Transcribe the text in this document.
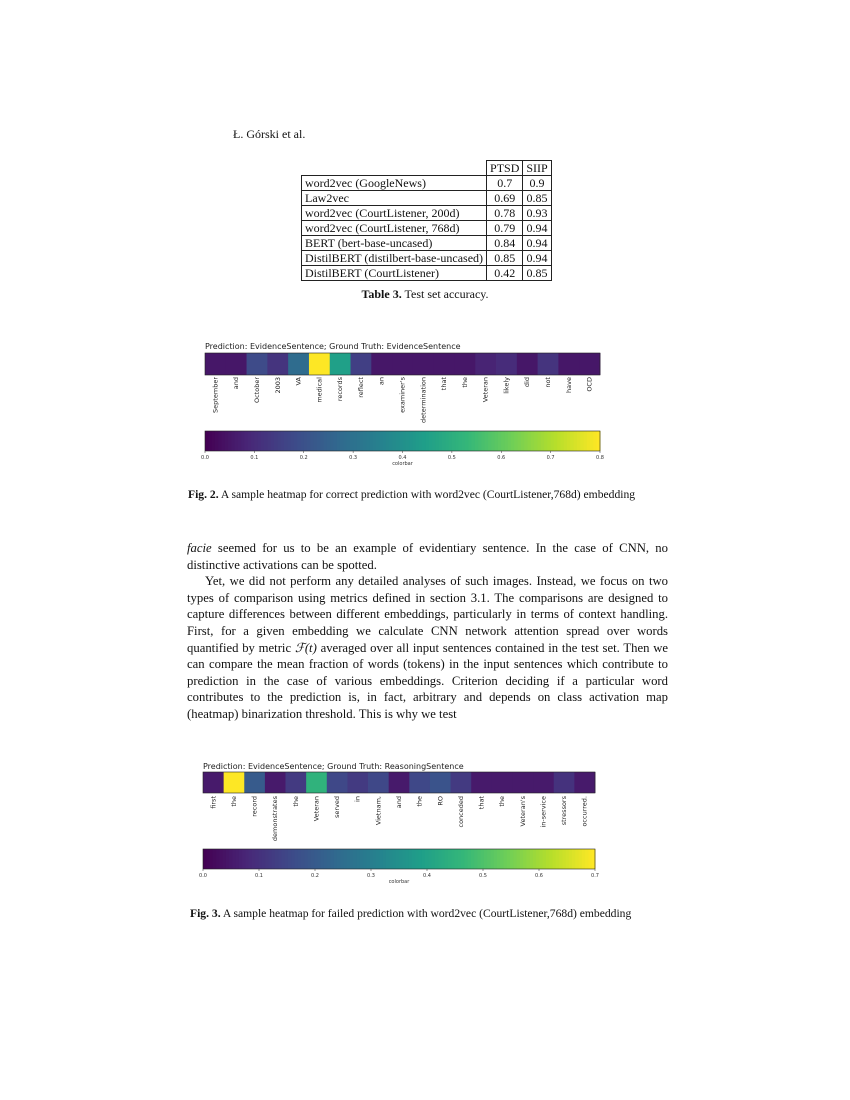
Ł. Górski et al.
	PTSD	SIIP
word2vec (GoogleNews)	0.7	0.9
Law2vec	0.69	0.85
word2vec (CourtListener, 200d)	0.78	0.93
word2vec (CourtListener, 768d)	0.79	0.94
BERT (bert-base-uncased)	0.84	0.94
DistilBERT (distilbert-base-uncased)	0.85	0.94
DistilBERT (CourtListener)	0.42	0.85
Table 3. Test set accuracy.
Prediction: EvidenceSentence; Ground Truth: EvidenceSentence
September and October 2003 VA medical records reflect an examiner's determination that the Veteran likely did not have OCD
0.0	0.1	0.2	0.3	0.4	0.5	0.6	0.7	0.8
colorbar
Fig. 2. A sample heatmap for correct prediction with word2vec (CourtListener,768d) embedding

facie seemed for us to be an example of evidentiary sentence. In the case of CNN, no distinctive activations can be spotted.

Yet, we did not perform any detailed analyses of such images. Instead, we focus on two types of comparison using metrics defined in section 3.1. The comparisons are designed to capture differences between different embeddings, particularly in terms of context handling. First, for a given embedding we calculate CNN network attention spread over words quantified by metric ℱ(t) averaged over all input sentences contained in the test set. Then we can compare the mean fraction of words (tokens) in the input sentences which contribute to prediction in the case of various embeddings. Criterion deciding if a particular word contributes to the prediction is, in fact, arbitrary and depends on class activation map (heatmap) binarization threshold. This is why we test

Prediction: EvidenceSentence; Ground Truth: ReasoningSentence
first the record demonstrates the Veteran served in Vietnam, and the RO conceded that the Veteran's in-service stressors occurred.
0.0	0.1	0.2	0.3	0.4	0.5	0.6	0.7
colorbar
Fig. 3. A sample heatmap for failed prediction with word2vec (CourtListener,768d) embedding
